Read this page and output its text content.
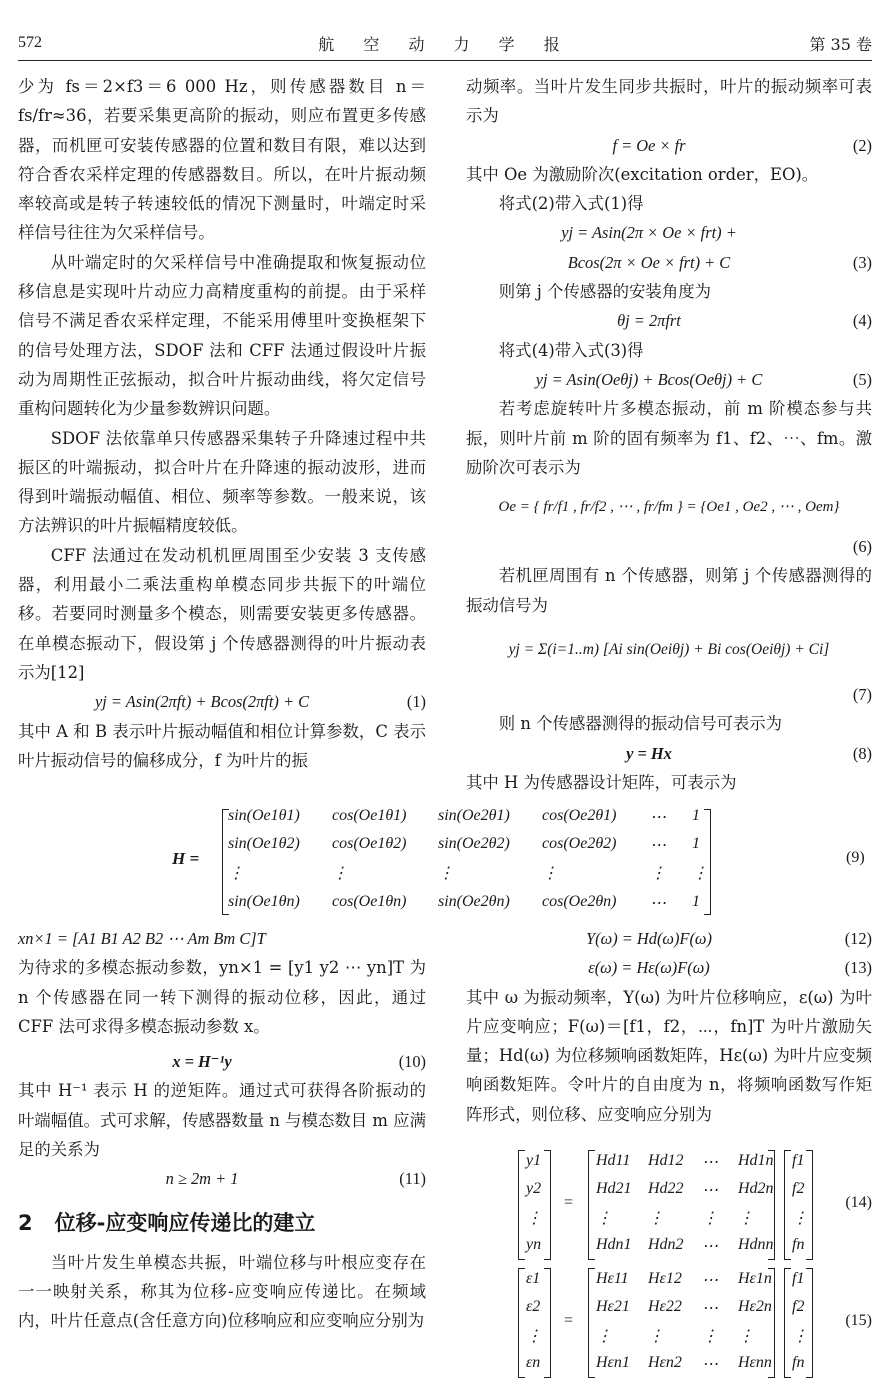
572	航 空 动 力 学 报	第 35 卷

少为 fs＝2×f3＝6 000 Hz，则传感器数目 n＝fs/fr≈36，若要采集更高阶的振动，则应布置更多传感器，而机匣可安装传感器的位置和数目有限，难以达到符合香农采样定理的传感器数目。所以，在叶片振动频率较高或是转子转速较低的情况下测量时，叶端定时采样信号往往为欠采样信号。

从叶端定时的欠采样信号中准确提取和恢复振动位移信息是实现叶片动应力高精度重构的前提。由于采样信号不满足香农采样定理，不能采用傅里叶变换框架下的信号处理方法，SDOF 法和 CFF 法通过假设叶片振动为周期性正弦振动，拟合叶片振动曲线，将欠定信号重构问题转化为少量参数辨识问题。

SDOF 法依靠单只传感器采集转子升降速过程中共振区的叶端振动，拟合叶片在升降速的振动波形，进而得到叶端振动幅值、相位、频率等参数。一般来说，该方法辨识的叶片振幅精度较低。

CFF 法通过在发动机机匣周围至少安装 3 支传感器，利用最小二乘法重构单模态同步共振下的叶端位移。若要同时测量多个模态，则需要安装更多传感器。在单模态振动下，假设第 j 个传感器测得的叶片振动表示为[12]

yj = Asin(2πft) + Bcos(2πft) + C	(1)

其中 A 和 B 表示叶片振动幅值和相位计算参数，C 表示叶片振动信号的偏移成分，f 为叶片的振

动频率。当叶片发生同步共振时，叶片的振动频率可表示为

f = Oe × fr	(2)

其中 Oe 为激励阶次(excitation order，EO)。

将式(2)带入式(1)得

yj = Asin(2π × Oe × frt) +
Bcos(2π × Oe × frt) + C	(3)

则第 j 个传感器的安装角度为

θj = 2πfrt	(4)

将式(4)带入式(3)得

yj = Asin(Oeθj) + Bcos(Oeθj) + C	(5)

若考虑旋转叶片多模态振动，前 m 阶模态参与共振，则叶片前 m 阶的固有频率为 f1、f2、⋯、fm。激励阶次可表示为

Oe = { fr/f1 , fr/f2 , ⋯ , fr/fm } = {Oe1 , Oe2 , ⋯ , Oem}
(6)

若机匣周围有 n 个传感器，则第 j 个传感器测得的振动信号为

yj = Σ(i=1..m) [Ai sin(Oeiθj) + Bi cos(Oeiθj) + Ci]
(7)

则 n 个传感器测得的振动信号可表示为

y = Hx	(8)

其中 H 为传感器设计矩阵，可表示为

H =
sin(Oe1θ1) cos(Oe1θ1) sin(Oe2θ1) cos(Oe2θ1) ⋯ 1
sin(Oe1θ2) cos(Oe1θ2) sin(Oe2θ2) cos(Oe2θ2) ⋯ 1
⋮	⋮	⋮	⋮	⋮ ⋮
sin(Oe1θn) cos(Oe1θn) sin(Oe2θn) cos(Oe2θn) ⋯ 1
(9)

xn×1 = [A1 B1 A2 B2 ⋯ Am Bm C]T

为待求的多模态振动参数，yn×1 = [y1 y2 ⋯ yn]T 为 n 个传感器在同一转下测得的振动位移，因此，通过 CFF 法可求得多模态振动参数 x。

x = H⁻¹y	(10)

其中 H⁻¹ 表示 H 的逆矩阵。通过式可获得各阶振动的叶端幅值。式可求解，传感器数量 n 与模态数目 m 应满足的关系为

n ≥ 2m + 1	(11)
2 位移-应变响应传递比的建立

当叶片发生单模态共振，叶端位移与叶根应变存在一一映射关系，称其为位移-应变响应传递比。在频域内，叶片任意点(含任意方向)位移响应和应变响应分别为

Y(ω) = Hd(ω)F(ω)	(12)
ε(ω) = Hε(ω)F(ω)	(13)

其中 ω 为振动频率，Y(ω) 为叶片位移响应，ε(ω) 为叶片应变响应；F(ω)＝[f1，f2，⋯，fn]T 为叶片激励矢量；Hd(ω) 为位移频响函数矩阵，Hε(ω) 为叶片应变频响函数矩阵。令叶片的自由度为 n，将频响函数写作矩阵形式，则位移、应变响应分别为

y1
y2
⋮
yn
=
Hd11 Hd12 ⋯ Hd1n
Hd21 Hd22 ⋯ Hd2n
⋮ ⋮ ⋮ ⋮
Hdn1 Hdn2 ⋯ Hdnn
f1
f2
⋮
fn
(14)
ε1
ε2
⋮
εn
=
Hε11 Hε12 ⋯ Hε1n
Hε21 Hε22 ⋯ Hε2n
⋮ ⋮ ⋮ ⋮
Hεn1 Hεn2 ⋯ Hεnn
f1
f2
⋮
fn
(15)
